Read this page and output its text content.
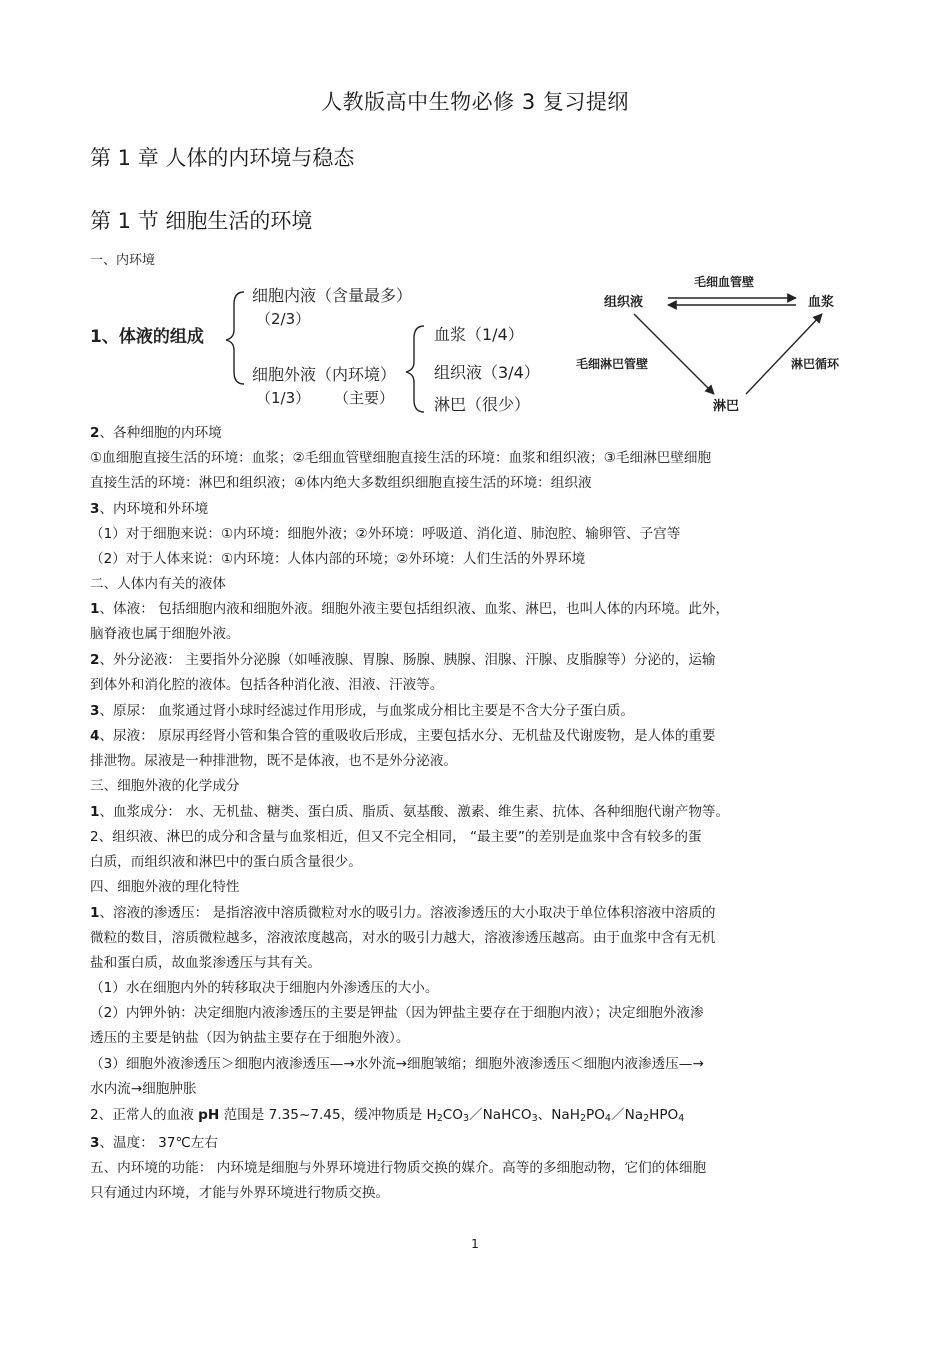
人教版高中生物必修 3 复习提纲
第 1 章 人体的内环境与稳态
第 1 节 细胞生活的环境
一、内环境
1、体液的组成
细胞内液（含量最多）
（2/3）
细胞外液（内环境）
（1/3） （主要）
血浆（1/4）
组织液（3/4）
淋巴（很少）
组织液	血浆
淋巴
毛细血管壁
毛细淋巴管壁	淋巴循环

2、各种细胞的内环境

①血细胞直接生活的环境：血浆；②毛细血管壁细胞直接生活的环境：血浆和组织液；③毛细淋巴壁细胞

直接生活的环境：淋巴和组织液；④体内绝大多数组织细胞直接生活的环境：组织液

3、内环境和外环境

（1）对于细胞来说：①内环境：细胞外液；②外环境：呼吸道、消化道、肺泡腔、输卵管、子宫等

（2）对于人体来说：①内环境：人体内部的环境；②外环境：人们生活的外界环境

二、人体内有关的液体

1、体液： 包括细胞内液和细胞外液。细胞外液主要包括组织液、血浆、淋巴，也叫人体的内环境。此外，

脑脊液也属于细胞外液。

2、外分泌液： 主要指外分泌腺（如唾液腺、胃腺、肠腺、胰腺、泪腺、汗腺、皮脂腺等）分泌的，运输

到体外和消化腔的液体。包括各种消化液、泪液、汗液等。

3、原尿： 血浆通过肾小球时经滤过作用形成，与血浆成分相比主要是不含大分子蛋白质。

4、尿液： 原尿再经肾小管和集合管的重吸收后形成，主要包括水分、无机盐及代谢废物，是人体的重要

排泄物。尿液是一种排泄物，既不是体液，也不是外分泌液。

三、细胞外液的化学成分

1、血浆成分： 水、无机盐、糖类、蛋白质、脂质、氨基酸、激素、维生素、抗体、各种细胞代谢产物等。

2、组织液、淋巴的成分和含量与血浆相近，但又不完全相同， “最主要”的差别是血浆中含有较多的蛋

白质，而组织液和淋巴中的蛋白质含量很少。

四、细胞外液的理化特性

1、溶液的渗透压： 是指溶液中溶质微粒对水的吸引力。溶液渗透压的大小取决于单位体积溶液中溶质的

微粒的数目，溶质微粒越多，溶液浓度越高，对水的吸引力越大，溶液渗透压越高。由于血浆中含有无机

盐和蛋白质，故血浆渗透压与其有关。

（1）水在细胞内外的转移取决于细胞内外渗透压的大小。

（2）内钾外钠：决定细胞内液渗透压的主要是钾盐（因为钾盐主要存在于细胞内液）；决定细胞外液渗

透压的主要是钠盐（因为钠盐主要存在于细胞外液）。

（3）细胞外液渗透压＞细胞内液渗透压—→水外流→细胞皱缩；细胞外液渗透压＜细胞内液渗透压—→

水内流→细胞肿胀

2、正常人的血液 pH 范围是 7.35~7.45，缓冲物质是 $H_2CO_3/NaHCO_3$、$NaH_2PO_4/Na_2HPO_4$

3、温度： 37℃左右

五、内环境的功能： 内环境是细胞与外界环境进行物质交换的媒介。高等的多细胞动物，它们的体细胞

只有通过内环境，才能与外界环境进行物质交换。

1
